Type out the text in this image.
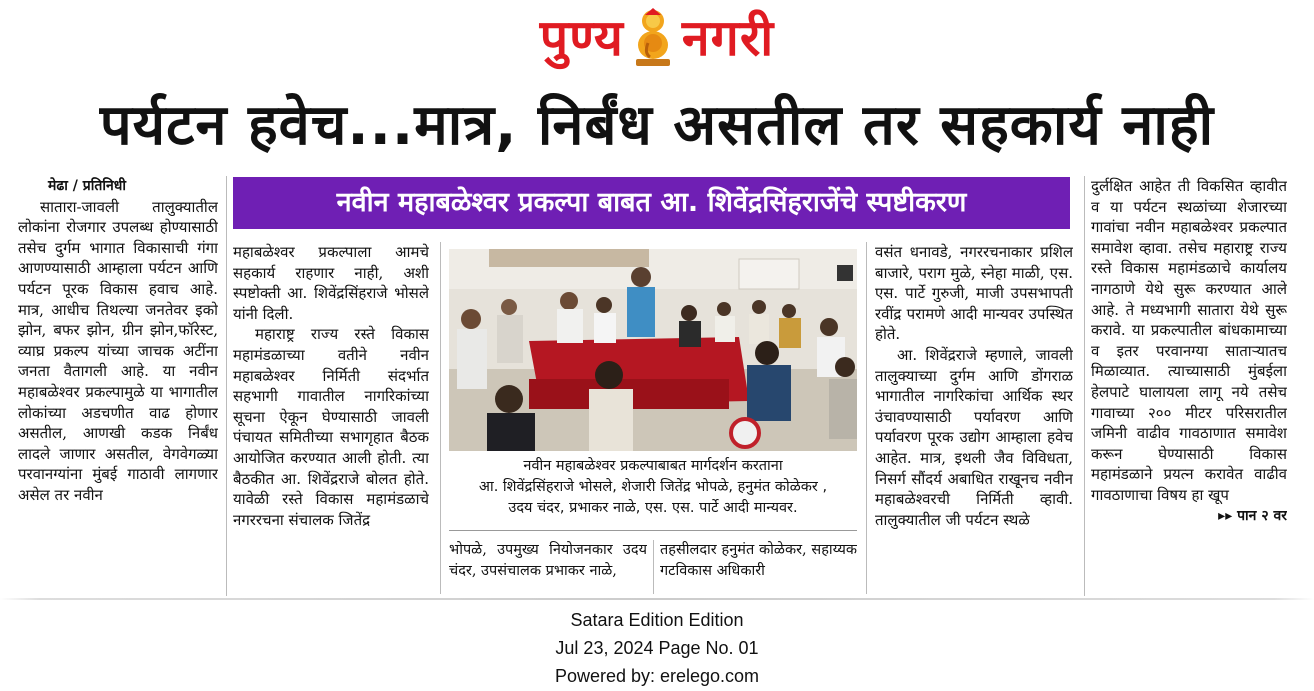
पुण्य नगरी
पर्यटन हवेच...मात्र, निर्बंध असतील तर सहकार्य नाही
नवीन महाबळेश्वर प्रकल्पा बाबत आ. शिवेंद्रसिंहराजेंचे स्पष्टीकरण
मेढा / प्रतिनिधी

सातारा-जावली तालुक्यातील लोकांना रोजगार उपलब्ध होण्यासाठी तसेच दुर्गम भागात विकासाची गंगा आणण्यासाठी आम्हाला पर्यटन आणि पर्यटन पूरक विकास हवाच आहे. मात्र, आधीच तिथल्या जनतेवर इको झोन, बफर झोन, ग्रीन झोन,फॉरेस्ट, व्याघ्र प्रकल्प यांच्या जाचक अटींना जनता वैतागली आहे. या नवीन महाबळेश्वर प्रकल्पामुळे या भागातील लोकांच्या अडचणीत वाढ होणार असतील, आणखी कडक निर्बंध लादले जाणार असतील, वेगवेगळ्या परवानग्यांना मुंबई गाठावी लागणार असेल तर नवीन

महाबळेश्वर प्रकल्पाला आमचे सहकार्य राहणार नाही, अशी स्पष्टोक्ती आ. शिवेंद्रसिंहराजे भोसले यांनी दिली.

महाराष्ट्र राज्य रस्ते विकास महामंडळाच्या वतीने नवीन महाबळेश्वर निर्मिती संदर्भात सहभागी गावातील नागरिकांच्या सूचना ऐकून घेण्यासाठी जावली पंचायत समितीच्या सभागृहात बैठक आयोजित करण्यात आली होती. त्या बैठकीत आ. शिवेंद्रराजे बोलत होते. यावेळी रस्ते विकास महामंडळाचे नगररचना संचालक जितेंद्र

नवीन महाबळेश्वर प्रकल्पाबाबत मार्गदर्शन करताना
आ. शिवेंद्रसिंहराजे भोसले, शेजारी जितेंद्र भोपळे, हनुमंत कोळेकर ,
उदय चंदर, प्रभाकर नाळे, एस. एस. पार्टे आदी मान्यवर.

भोपळे, उपमुख्य नियोजनकार उदय चंदर, उपसंचालक प्रभाकर नाळे,

तहसीलदार हनुमंत कोळेकर, सहाय्यक गटविकास अधिकारी

वसंत धनावडे, नगररचनाकार प्रशिल बाजारे, पराग मुळे, स्नेहा माळी, एस. एस. पार्टे गुरुजी, माजी उपसभापती रवींद्र परामणे आदी मान्यवर उपस्थित होते.

आ. शिवेंद्रराजे म्हणाले, जावली तालुक्याच्या दुर्गम आणि डोंगराळ भागातील नागरिकांचा आर्थिक स्थर उंचावण्यासाठी पर्यावरण आणि पर्यावरण पूरक उद्योग आम्हाला हवेच आहेत. मात्र, इथली जैव विविधता, निसर्ग सौंदर्य अबाधित राखूनच नवीन महाबळेश्वरची निर्मिती व्हावी. तालुक्यातील जी पर्यटन स्थळे

दुर्लक्षित आहेत ती विकसित व्हावीत व या पर्यटन स्थळांच्या शेजारच्या गावांचा नवीन महाबळेश्वर प्रकल्पात समावेश व्हावा. तसेच महाराष्ट्र राज्य रस्ते विकास महामंडळाचे कार्यालय नागठाणे येथे सुरू करण्यात आले आहे. ते मध्यभागी सातारा येथे सुरू करावे. या प्रकल्पातील बांधकामाच्या व इतर परवानग्या साताऱ्यातच मिळाव्यात. त्याच्यासाठी मुंबईला हेलपाटे घालायला लागू नये तसेच गावाच्या २०० मीटर परिसरातील जमिनी वाढीव गावठाणात समावेश करून घेण्यासाठी विकास महामंडळाने प्रयत्न करावेत वाढीव गावठाणाचा विषय हा खूप

▸▸ पान २ वर
Satara Edition Edition
Jul 23, 2024 Page No. 01
Powered by: erelego.com
